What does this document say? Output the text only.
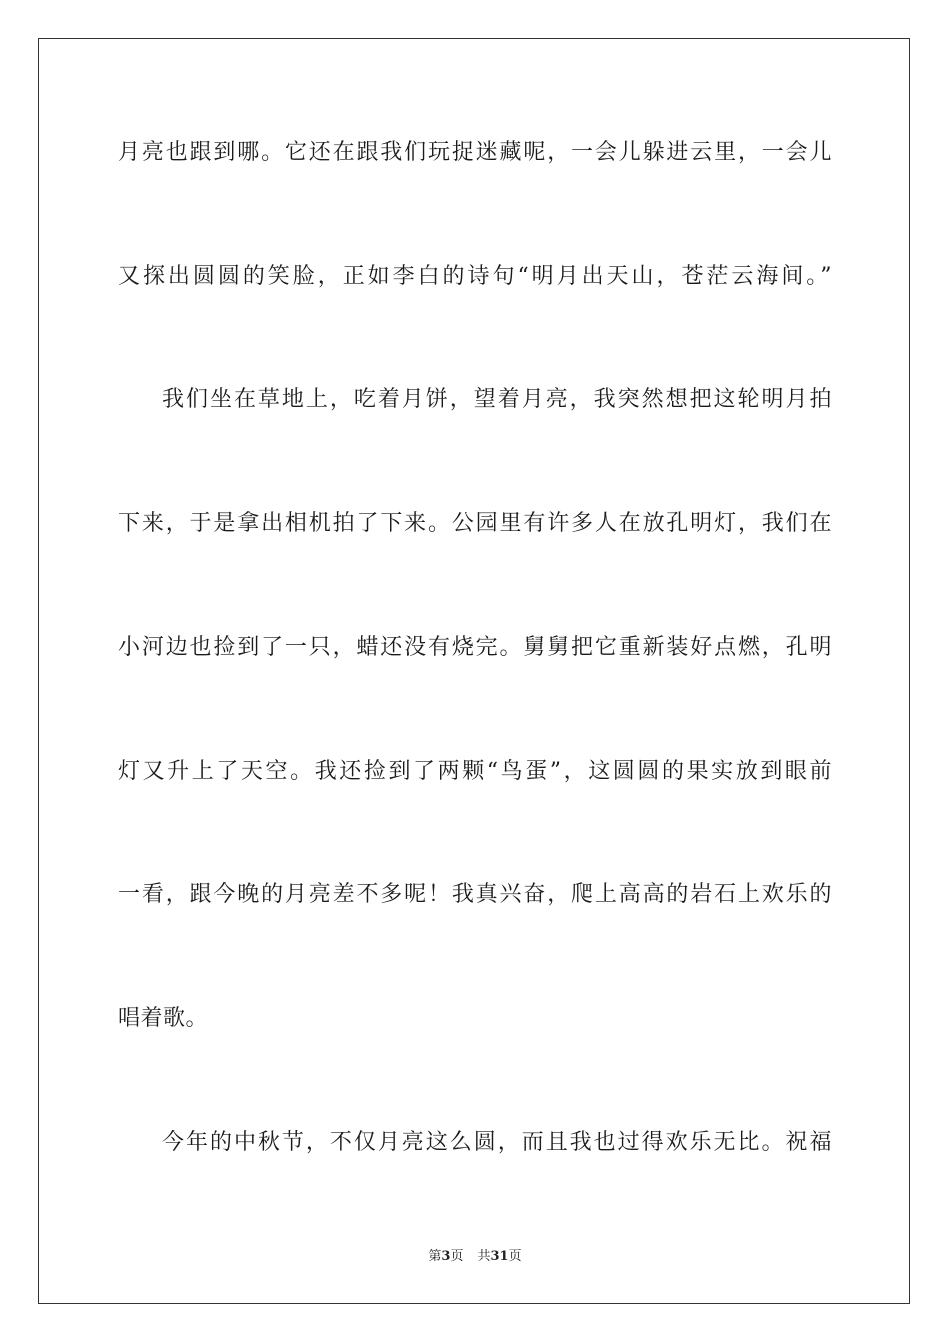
月亮也跟到哪。它还在跟我们玩捉迷藏呢，一会儿躲进云里，一会儿
又探出圆圆的笑脸，正如李白的诗句“明月出天山，苍茫云海间。”
我们坐在草地上，吃着月饼，望着月亮，我突然想把这轮明月拍
下来，于是拿出相机拍了下来。公园里有许多人在放孔明灯，我们在
小河边也捡到了一只，蜡还没有烧完。舅舅把它重新装好点燃，孔明
灯又升上了天空。我还捡到了两颗“鸟蛋”，这圆圆的果实放到眼前
一看，跟今晚的月亮差不多呢！我真兴奋，爬上高高的岩石上欢乐的
唱着歌。
今年的中秋节，不仅月亮这么圆，而且我也过得欢乐无比。祝福
第3页 共31页
